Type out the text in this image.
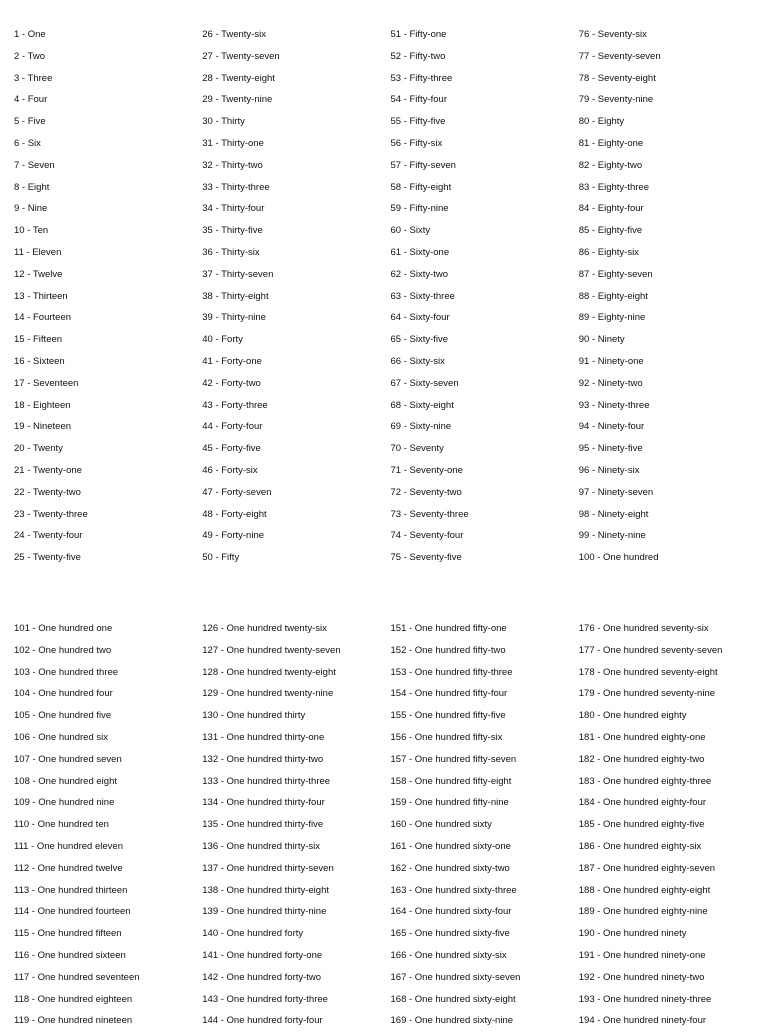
1 - One
2 - Two
3 - Three
4 - Four
5 - Five
6 - Six
7 - Seven
8 - Eight
9 - Nine
10 - Ten
11 - Eleven
12 - Twelve
13 - Thirteen
14 - Fourteen
15 - Fifteen
16 - Sixteen
17 - Seventeen
18 - Eighteen
19 - Nineteen
20 - Twenty
21 - Twenty-one
22 - Twenty-two
23 - Twenty-three
24 - Twenty-four
25 - Twenty-five
26 - Twenty-six
27 - Twenty-seven
28 - Twenty-eight
29 - Twenty-nine
30 - Thirty
31 - Thirty-one
32 - Thirty-two
33 - Thirty-three
34 - Thirty-four
35 - Thirty-five
36 - Thirty-six
37 - Thirty-seven
38 - Thirty-eight
39 - Thirty-nine
40 - Forty
41 - Forty-one
42 - Forty-two
43 - Forty-three
44 - Forty-four
45 - Forty-five
46 - Forty-six
47 - Forty-seven
48 - Forty-eight
49 - Forty-nine
50 - Fifty
51 - Fifty-one
52 - Fifty-two
53 - Fifty-three
54 - Fifty-four
55 - Fifty-five
56 - Fifty-six
57 - Fifty-seven
58 - Fifty-eight
59 - Fifty-nine
60 - Sixty
61 - Sixty-one
62 - Sixty-two
63 - Sixty-three
64 - Sixty-four
65 - Sixty-five
66 - Sixty-six
67 - Sixty-seven
68 - Sixty-eight
69 - Sixty-nine
70 - Seventy
71 - Seventy-one
72 - Seventy-two
73 - Seventy-three
74 - Seventy-four
75 - Seventy-five
76 - Seventy-six
77 - Seventy-seven
78 - Seventy-eight
79 - Seventy-nine
80 - Eighty
81 - Eighty-one
82 - Eighty-two
83 - Eighty-three
84 - Eighty-four
85 - Eighty-five
86 - Eighty-six
87 - Eighty-seven
88 - Eighty-eight
89 - Eighty-nine
90 - Ninety
91 - Ninety-one
92 - Ninety-two
93 - Ninety-three
94 - Ninety-four
95 - Ninety-five
96 - Ninety-six
97 - Ninety-seven
98 - Ninety-eight
99 - Ninety-nine
100 - One hundred
101 - One hundred one
102 - One hundred two
103 - One hundred three
104 - One hundred four
105 - One hundred five
106 - One hundred six
107 - One hundred seven
108 - One hundred eight
109 - One hundred nine
110 - One hundred ten
111 - One hundred eleven
112 - One hundred twelve
113 - One hundred thirteen
114 - One hundred fourteen
115 - One hundred fifteen
116 - One hundred sixteen
117 - One hundred seventeen
118 - One hundred eighteen
119 - One hundred nineteen
126 - One hundred twenty-six
127 - One hundred twenty-seven
128 - One hundred twenty-eight
129 - One hundred twenty-nine
130 - One hundred thirty
131 - One hundred thirty-one
132 - One hundred thirty-two
133 - One hundred thirty-three
134 - One hundred thirty-four
135 - One hundred thirty-five
136 - One hundred thirty-six
137 - One hundred thirty-seven
138 - One hundred thirty-eight
139 - One hundred thirty-nine
140 - One hundred forty
141 - One hundred forty-one
142 - One hundred forty-two
143 - One hundred forty-three
144 - One hundred forty-four
151 - One hundred fifty-one
152 - One hundred fifty-two
153 - One hundred fifty-three
154 - One hundred fifty-four
155 - One hundred fifty-five
156 - One hundred fifty-six
157 - One hundred fifty-seven
158 - One hundred fifty-eight
159 - One hundred fifty-nine
160 - One hundred sixty
161 - One hundred sixty-one
162 - One hundred sixty-two
163 - One hundred sixty-three
164 - One hundred sixty-four
165 - One hundred sixty-five
166 - One hundred sixty-six
167 - One hundred sixty-seven
168 - One hundred sixty-eight
169 - One hundred sixty-nine
176 - One hundred seventy-six
177 - One hundred seventy-seven
178 - One hundred seventy-eight
179 - One hundred seventy-nine
180 - One hundred eighty
181 - One hundred eighty-one
182 - One hundred eighty-two
183 - One hundred eighty-three
184 - One hundred eighty-four
185 - One hundred eighty-five
186 - One hundred eighty-six
187 - One hundred eighty-seven
188 - One hundred eighty-eight
189 - One hundred eighty-nine
190 - One hundred ninety
191 - One hundred ninety-one
192 - One hundred ninety-two
193 - One hundred ninety-three
194 - One hundred ninety-four
